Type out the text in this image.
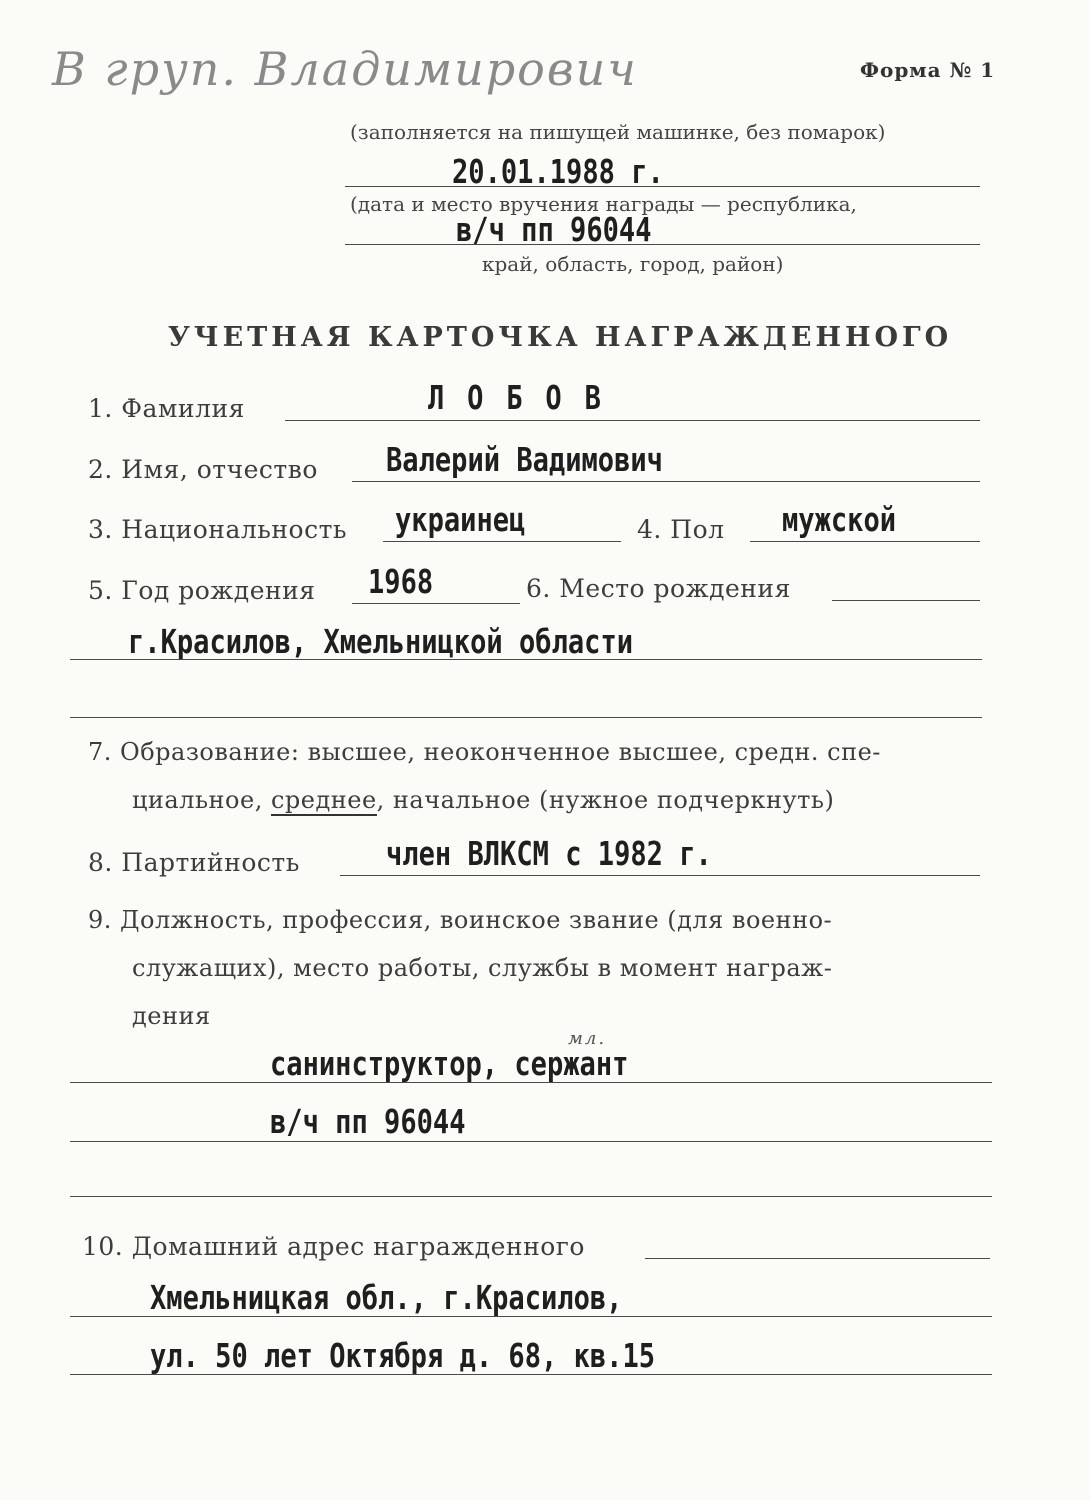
В груп. Владимирович	Форма № 1
(заполняется на пишущей машинке, без помарок)
20.01.1988 г.
(дата и место вручения награды — республика,
в/ч пп 96044
край, область, город, район)
УЧЕТНАЯ КАРТОЧКА НАГРАЖДЕННОГО
1. Фамилия	Л О Б О В
2. Имя, отчество Валерий Вадимович
3. Национальность украинец	4. Пол мужской
5. Год рождения 1968	6. Место рождения
г.Красилов, Хмельницкой области
7. Образование: высшее, неоконченное высшее, средн. спе-
циальное, среднее, начальное (нужное подчеркнуть)
8. Партийность	член ВЛКСМ с 1982 г.
9. Должность, профессия, воинское звание (для военно-
служащих), место работы, службы в момент награж-
дения
санинструктор, сержант
мл.
в/ч пп 96044
10. Домашний адрес награжденного
Хмельницкая обл., г.Красилов,
ул. 50 лет Октября д. 68, кв.15
